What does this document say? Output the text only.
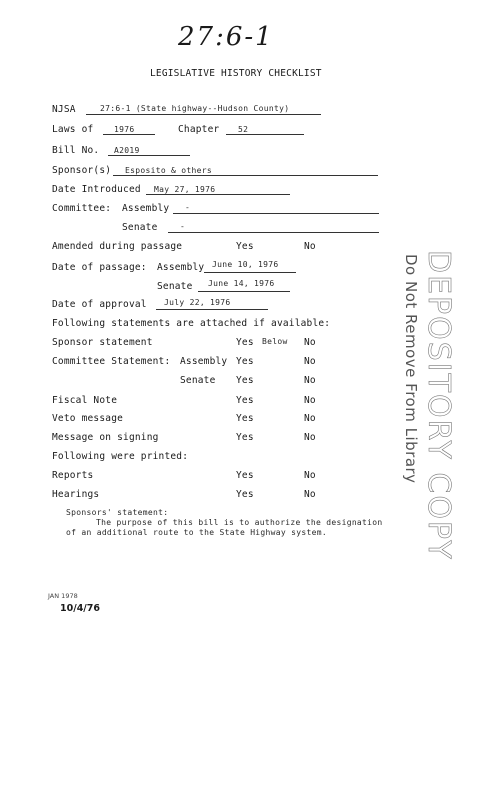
27:6-1
LEGISLATIVE HISTORY CHECKLIST
NJSA	27:6-1 (State highway--Hudson County)
Laws of	1976	Chapter 52
Bill No. A2019
Sponsor(s) Esposito & others
Date Introduced May 27, 1976
Committee: Assembly -
Senate	-
Amended during passage	Yes	No
Date of passage: Assembly June 10, 1976
Senate June 14, 1976
Date of approval July 22, 1976
Following statements are attached if available:
Sponsor statement	Yes Below No
Committee Statement: Assembly Yes	No
Senate Yes	No
Fiscal Note	Yes	No
Veto message	Yes	No
Message on signing	Yes	No
Following were printed:
Reports	Yes	No
Hearings	Yes	No
Sponsors' statement:
The purpose of this bill is to authorize the designation
of an additional route to the State Highway system.
JAN 1978
10/4/76
DEPOSITORY COPY
Do Not Remove From Library
